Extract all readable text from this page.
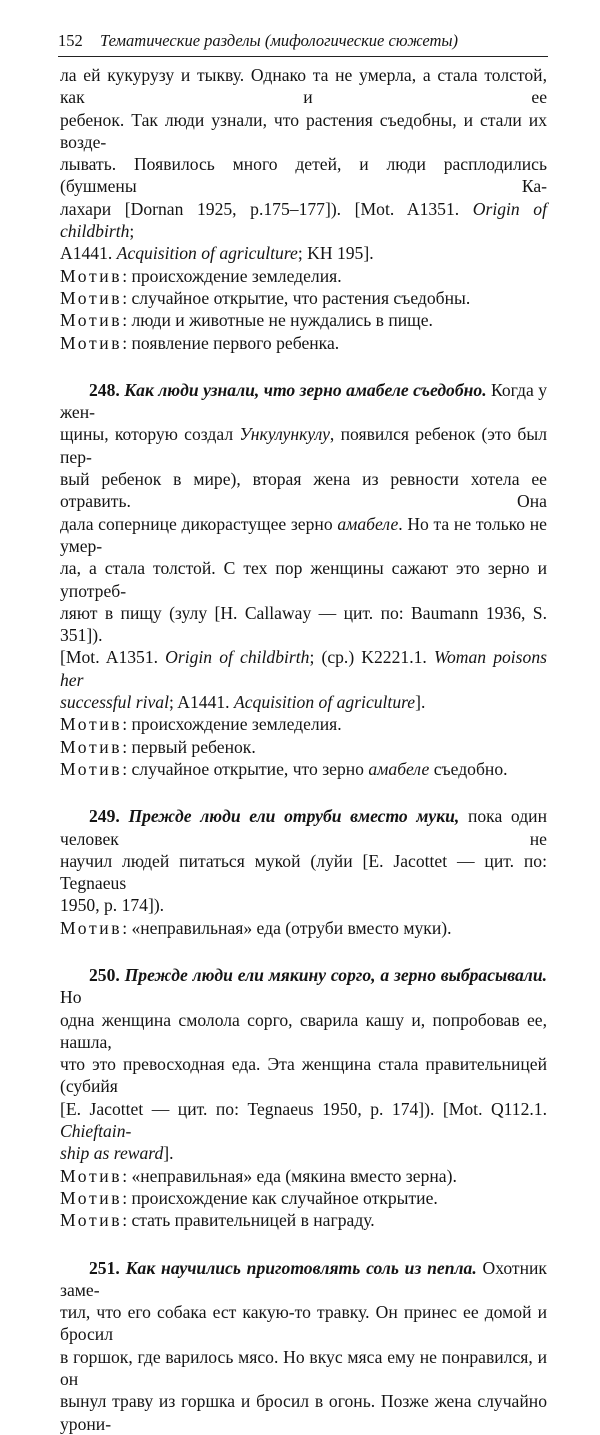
152 Тематические разделы (мифологические сюжеты)

ла ей кукурузу и тыкву. Однако та не умерла, а стала толстой, как и ее

ребенок. Так люди узнали, что растения съедобны, и стали их возде-

лывать. Появилось много детей, и люди расплодились (бушмены Ка-

лахари [Dornan 1925, p.175–177]). [Mot. A1351. Origin of childbirth;

A1441. Acquisition of agriculture; KH 195].

Мотив: происхождение земледелия.

Мотив: случайное открытие, что растения съедобны.

Мотив: люди и животные не нуждались в пище.

Мотив: появление первого ребенка.

248. Как люди узнали, что зерно амабеле съедобно. Когда у жен-

щины, которую создал Ункулункулу, появился ребенок (это был пер-

вый ребенок в мире), вторая жена из ревности хотела ее отравить. Она

дала сопернице дикорастущее зерно амабеле. Но та не только не умер-

ла, а стала толстой. С тех пор женщины сажают это зерно и употреб-

ляют в пищу (зулу [H. Callaway — цит. по: Baumann 1936, S. 351]).

[Mot. A1351. Origin of childbirth; (ср.) K2221.1. Woman poisons her

successful rival; A1441. Acquisition of agriculture].

Мотив: происхождение земледелия.

Мотив: первый ребенок.

Мотив: случайное открытие, что зерно амабеле съедобно.

249. Прежде люди ели отруби вместо муки, пока один человек не

научил людей питаться мукой (луйи [E. Jacottet — цит. по: Tegnaeus

1950, p. 174]).

Мотив: «неправильная» еда (отруби вместо муки).

250. Прежде люди ели мякину сорго, а зерно выбрасывали. Но

одна женщина смолола сорго, сварила кашу и, попробовав ее, нашла,

что это превосходная еда. Эта женщина стала правительницей (субийя

[E. Jacottet — цит. по: Tegnaeus 1950, p. 174]). [Mot. Q112.1. Chieftain-

ship as reward].

Мотив: «неправильная» еда (мякина вместо зерна).

Мотив: происхождение как случайное открытие.

Мотив: стать правительницей в награду.

251. Как научились приготовлять соль из пепла. Охотник заме-

тил, что его собака ест какую-то травку. Он принес ее домой и бросил

в горшок, где варилось мясо. Но вкус мяса ему не понравился, и он

вынул траву из горшка и бросил в огонь. Позже жена случайно урони-
